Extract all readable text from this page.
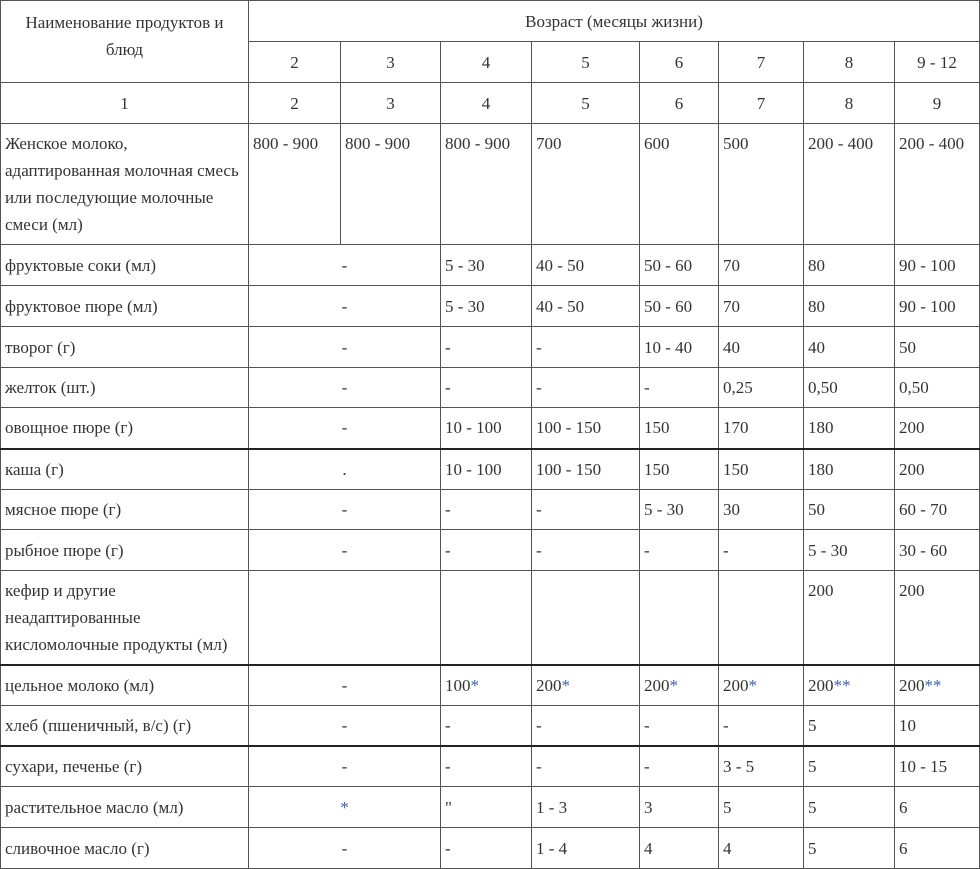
Наименование продуктов и блюд	Возраст (месяцы жизни)							
	2	3	4	5	6	7	8	9 - 12
1	2	3	4	5	6	7	8	9
Женское молоко, адаптированная молочная смесь или последующие молочные смеси (мл)	800 - 900	800 - 900	800 - 900	700	600	500	200 - 400	200 - 400
фруктовые соки (мл)	-		5 - 30	40 - 50	50 - 60	70	80	90 - 100
фруктовое пюре (мл)	-		5 - 30	40 - 50	50 - 60	70	80	90 - 100
творог (г)	-		-	-	10 - 40	40	40	50
желток (шт.)	-		-	-	-	0,25	0,50	0,50
овощное пюре (г)	-		10 - 100	100 - 150	150	170	180	200
каша (г)	.		10 - 100	100 - 150	150	150	180	200
мясное пюре (г)	-		-	-	5 - 30	30	50	60 - 70
рыбное пюре (г)	-		-	-	-	-	5 - 30	30 - 60
кефир и другие неадаптированные кисломолочные продукты (мл)							200	200
цельное молоко (мл)	-		100*	200*	200*	200*	200**	200**
хлеб (пшеничный, в/с) (г)	-		-	-	-	-	5	10
сухари, печенье (г)	-		-	-	-	3 - 5	5	10 - 15
растительное масло (мл)	*		"	1 - 3	3	5	5	6
сливочное масло (г)	-		-	1 - 4	4	4	5	6
